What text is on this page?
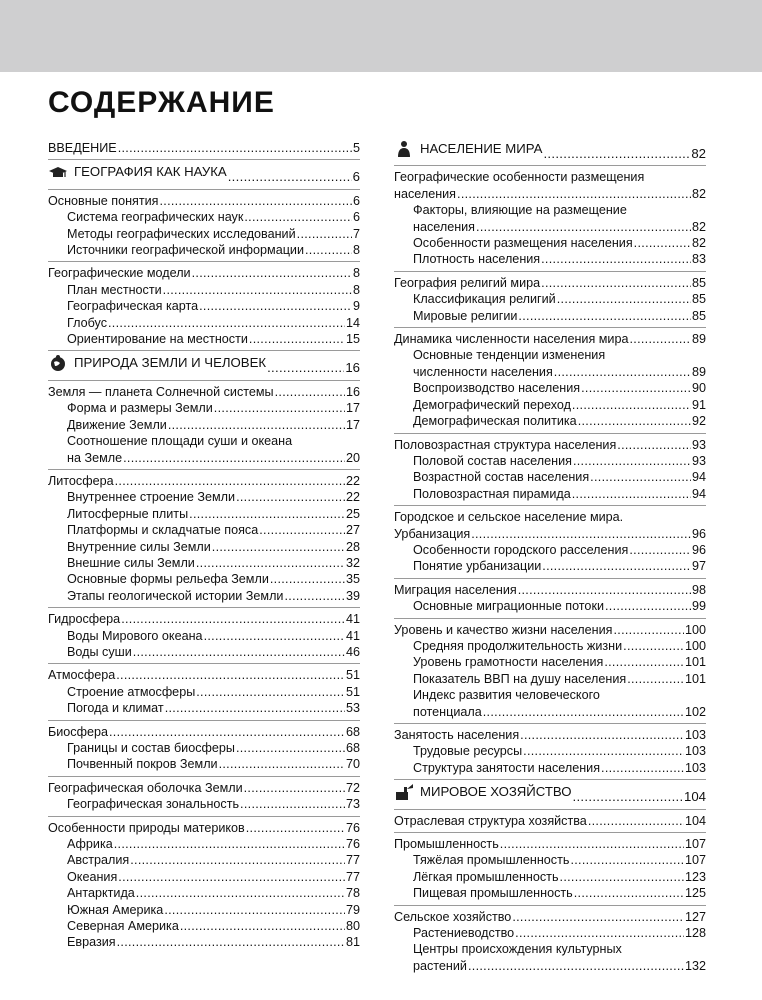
СОДЕРЖАНИЕ
ВВЕДЕНИЕ .....	5
ГЕОГРАФИЯ КАК НАУКА .....	6
Основные понятия .....	6
Система географических наук .....	6
Методы географических исследований .....	7
Источники географической информации .....	8
Географические модели .....	8
План местности .....	8
Географическая карта .....	9
Глобус .....	14
Ориентирование на местности .....	15
ПРИРОДА ЗЕМЛИ И ЧЕЛОВЕК .....	16
Земля — планета Солнечной системы .....	16
Форма и размеры Земли .....	17
Движение Земли .....	17
Соотношение площади суши и океана
на Земле .....	20
Литосфера .....	22
Внутреннее строение Земли .....	22
Литосферные плиты .....	25
Платформы и складчатые пояса .....	27
Внутренние силы Земли .....	28
Внешние силы Земли .....	32
Основные формы рельефа Земли .....	35
Этапы геологической истории Земли .....	39
Гидросфера .....	41
Воды Мирового океана .....	41
Воды суши .....	46
Атмосфера .....	51
Строение атмосферы .....	51
Погода и климат .....	53
Биосфера .....	68
Границы и состав биосферы .....	68
Почвенный покров Земли .....	70
Географическая оболочка Земли .....	72
Географическая зональность .....	73
Особенности природы материков .....	76
Африка .....	76
Австралия .....	77
Океания .....	77
Антарктида .....	78
Южная Америка .....	79
Северная Америка .....	80
Евразия .....	81
НАСЕЛЕНИЕ МИРА .....	82
Географические особенности размещения
населения .....	82
Факторы, влияющие на размещение
населения .....	82
Особенности размещения населения .....	82
Плотность населения .....	83
География религий мира .....	85
Классификация религий .....	85
Мировые религии .....	85
Динамика численности населения мира .....	89
Основные тенденции изменения
численности населения .....	89
Воспроизводство населения .....	90
Демографический переход .....	91
Демографическая политика .....	92
Половозрастная структура населения .....	93
Половой состав населения .....	93
Возрастной состав населения .....	94
Половозрастная пирамида .....	94
Городское и сельское население мира.
Урбанизация .....	96
Особенности городского расселения .....	96
Понятие урбанизации .....	97
Миграция населения .....	98
Основные миграционные потоки .....	99
Уровень и качество жизни населения .....	100
Средняя продолжительность жизни .....	100
Уровень грамотности населения .....	101
Показатель ВВП на душу населения .....	101
Индекс развития человеческого
потенциала .....	102
Занятость населения .....	103
Трудовые ресурсы .....	103
Структура занятости населения .....	103
МИРОВОЕ ХОЗЯЙСТВО .....	104
Отраслевая структура хозяйства .....	104
Промышленность .....	107
Тяжёлая промышленность .....	107
Лёгкая промышленность .....	123
Пищевая промышленность .....	125
Сельское хозяйство .....	127
Растениеводство .....	128
Центры происхождения культурных
растений .....	132
